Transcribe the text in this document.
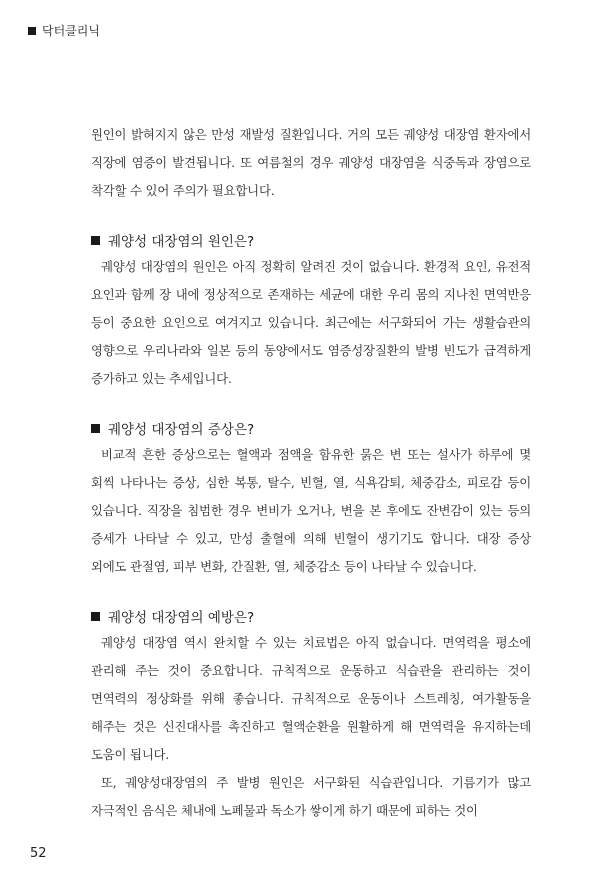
닥터클리닉

원인이 밝혀지지 않은 만성 재발성 질환입니다. 거의 모든 궤양성 대장염 환자에서 직장에 염증이 발견됩니다. 또 여름철의 경우 궤양성 대장염을 식중독과 장염으로 착각할 수 있어 주의가 필요합니다.

궤양성 대장염의 원인은?

궤양성 대장염의 원인은 아직 정확히 알려진 것이 없습니다. 환경적 요인, 유전적 요인과 함께 장 내에 정상적으로 존재하는 세균에 대한 우리 몸의 지나친 면역반응 등이 중요한 요인으로 여겨지고 있습니다. 최근에는 서구화되어 가는 생활습관의 영향으로 우리나라와 일본 등의 동양에서도 염증성장질환의 발병 빈도가 급격하게 증가하고 있는 추세입니다.

궤양성 대장염의 증상은?

비교적 흔한 증상으로는 혈액과 점액을 함유한 묽은 변 또는 설사가 하루에 몇 회씩 나타나는 증상, 심한 복통, 탈수, 빈혈, 열, 식욕감퇴, 체중감소, 피로감 등이 있습니다. 직장을 침범한 경우 변비가 오거나, 변을 본 후에도 잔변감이 있는 등의 증세가 나타날 수 있고, 만성 출혈에 의해 빈혈이 생기기도 합니다. 대장 증상 외에도 관절염, 피부 변화, 간질환, 열, 체중감소 등이 나타날 수 있습니다.

궤양성 대장염의 예방은?

궤양성 대장염 역시 완치할 수 있는 치료법은 아직 없습니다. 면역력을 평소에 관리해 주는 것이 중요합니다. 규칙적으로 운동하고 식습관을 관리하는 것이 면역력의 정상화를 위해 좋습니다. 규칙적으로 운동이나 스트레칭, 여가활동을 해주는 것은 신진대사를 촉진하고 혈액순환을 원활하게 해 면역력을 유지하는데 도움이 됩니다.

또, 궤양성대장염의 주 발병 원인은 서구화된 식습관입니다. 기름기가 많고 자극적인 음식은 체내에 노폐물과 독소가 쌓이게 하기 때문에 피하는 것이

52
